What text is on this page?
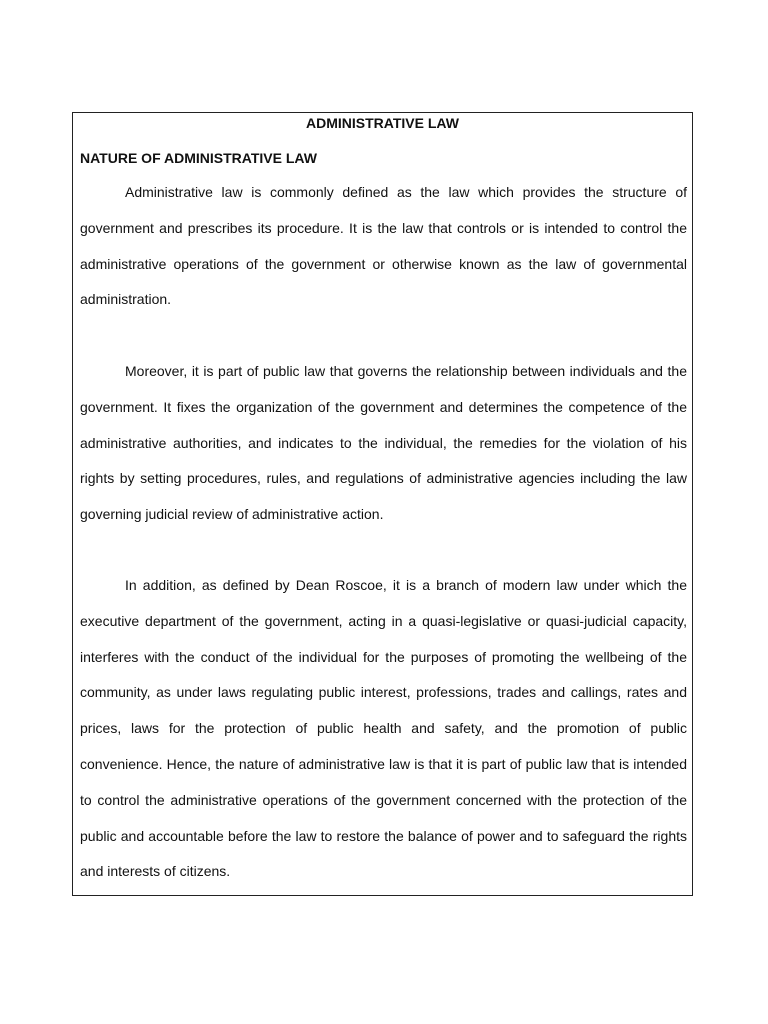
ADMINISTRATIVE LAW
NATURE OF ADMINISTRATIVE LAW

Administrative law is commonly defined as the law which provides the structure of government and prescribes its procedure. It is the law that controls or is intended to control the administrative operations of the government or otherwise known as the law of governmental administration.

Moreover, it is part of public law that governs the relationship between individuals and the government. It fixes the organization of the government and determines the competence of the administrative authorities, and indicates to the individual, the remedies for the violation of his rights by setting procedures, rules, and regulations of administrative agencies including the law governing judicial review of administrative action.

In addition, as defined by Dean Roscoe, it is a branch of modern law under which the executive department of the government, acting in a quasi-legislative or quasi-judicial capacity, interferes with the conduct of the individual for the purposes of promoting the wellbeing of the community, as under laws regulating public interest, professions, trades and callings, rates and prices, laws for the protection of public health and safety, and the promotion of public convenience. Hence, the nature of administrative law is that it is part of public law that is intended to control the administrative operations of the government concerned with the protection of the public and accountable before the law to restore the balance of power and to safeguard the rights and interests of citizens.
